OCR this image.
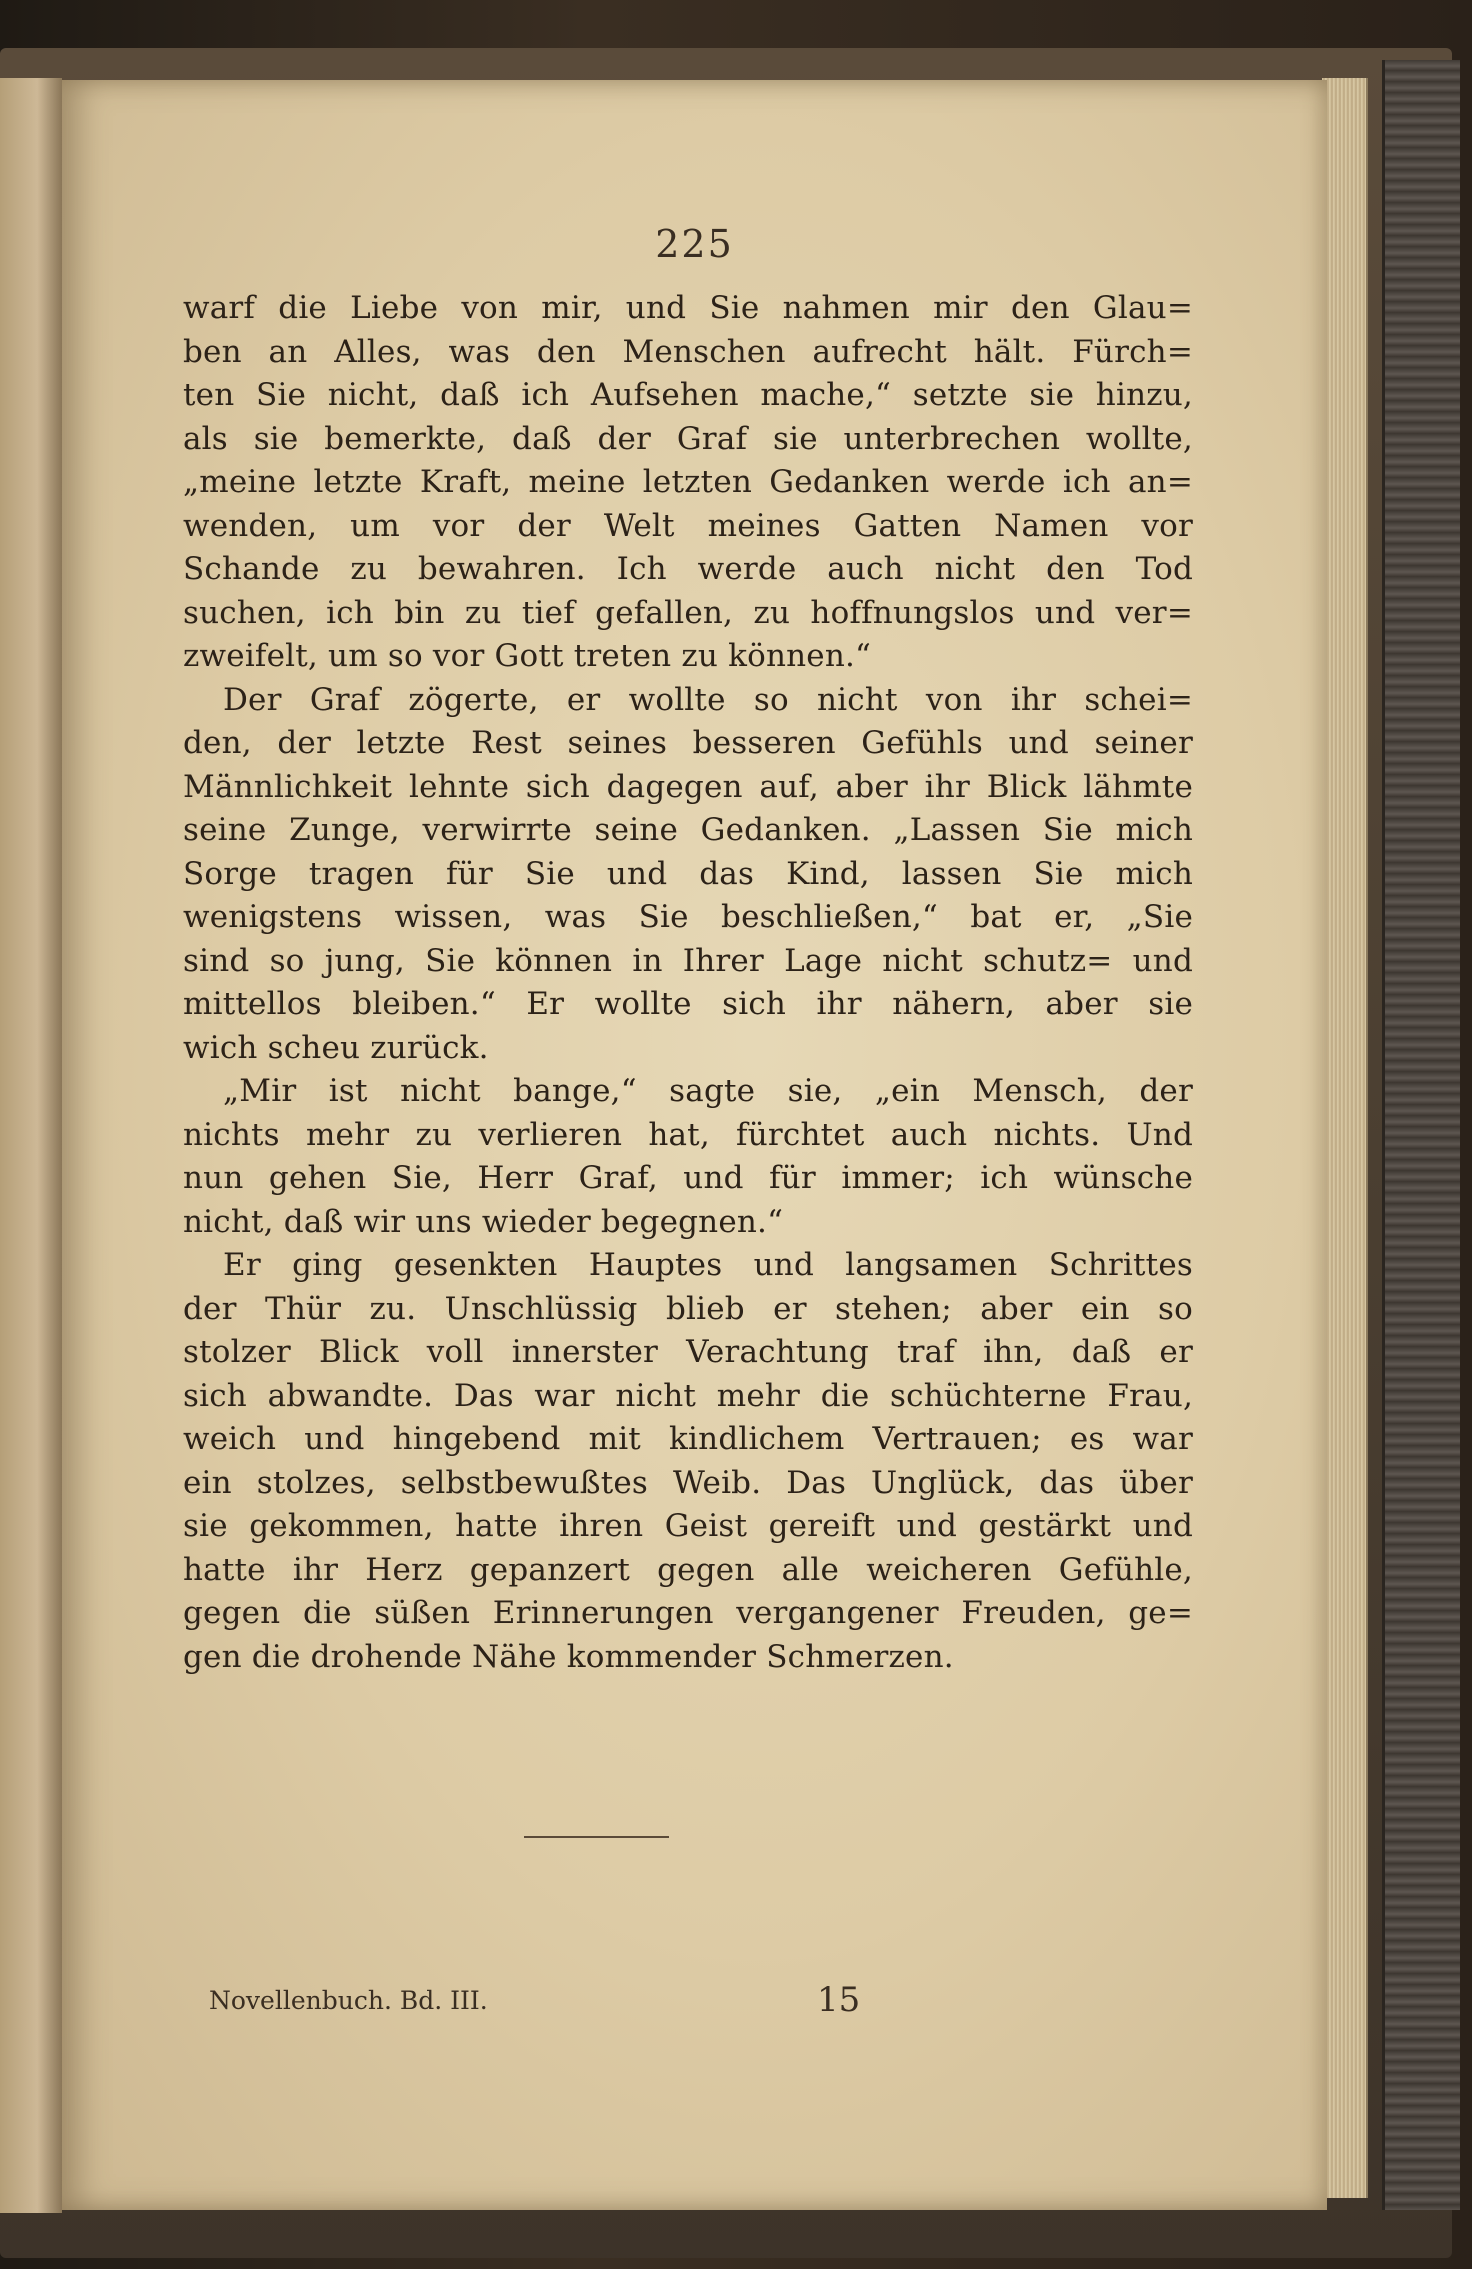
225
warf die Liebe von mir, und Sie nahmen mir den Glau=
ben an Alles, was den Menschen aufrecht hält. Fürch=
ten Sie nicht, daß ich Aufsehen mache,“ setzte sie hinzu,
als sie bemerkte, daß der Graf sie unterbrechen wollte,
„meine letzte Kraft, meine letzten Gedanken werde ich an=
wenden, um vor der Welt meines Gatten Namen vor
Schande zu bewahren. Ich werde auch nicht den Tod
suchen, ich bin zu tief gefallen, zu hoffnungslos und ver=
zweifelt, um so vor Gott treten zu können.“
Der Graf zögerte, er wollte so nicht von ihr schei=
den, der letzte Rest seines besseren Gefühls und seiner
Männlichkeit lehnte sich dagegen auf, aber ihr Blick lähmte
seine Zunge, verwirrte seine Gedanken. „Lassen Sie mich
Sorge tragen für Sie und das Kind, lassen Sie mich
wenigstens wissen, was Sie beschließen,“ bat er, „Sie
sind so jung, Sie können in Ihrer Lage nicht schutz= und
mittellos bleiben.“ Er wollte sich ihr nähern, aber sie
wich scheu zurück.
„Mir ist nicht bange,“ sagte sie, „ein Mensch, der
nichts mehr zu verlieren hat, fürchtet auch nichts. Und
nun gehen Sie, Herr Graf, und für immer; ich wünsche
nicht, daß wir uns wieder begegnen.“
Er ging gesenkten Hauptes und langsamen Schrittes
der Thür zu. Unschlüssig blieb er stehen; aber ein so
stolzer Blick voll innerster Verachtung traf ihn, daß er
sich abwandte. Das war nicht mehr die schüchterne Frau,
weich und hingebend mit kindlichem Vertrauen; es war
ein stolzes, selbstbewußtes Weib. Das Unglück, das über
sie gekommen, hatte ihren Geist gereift und gestärkt und
hatte ihr Herz gepanzert gegen alle weicheren Gefühle,
gegen die süßen Erinnerungen vergangener Freuden, ge=
gen die drohende Nähe kommender Schmerzen.
Novellenbuch. Bd. III.	15
